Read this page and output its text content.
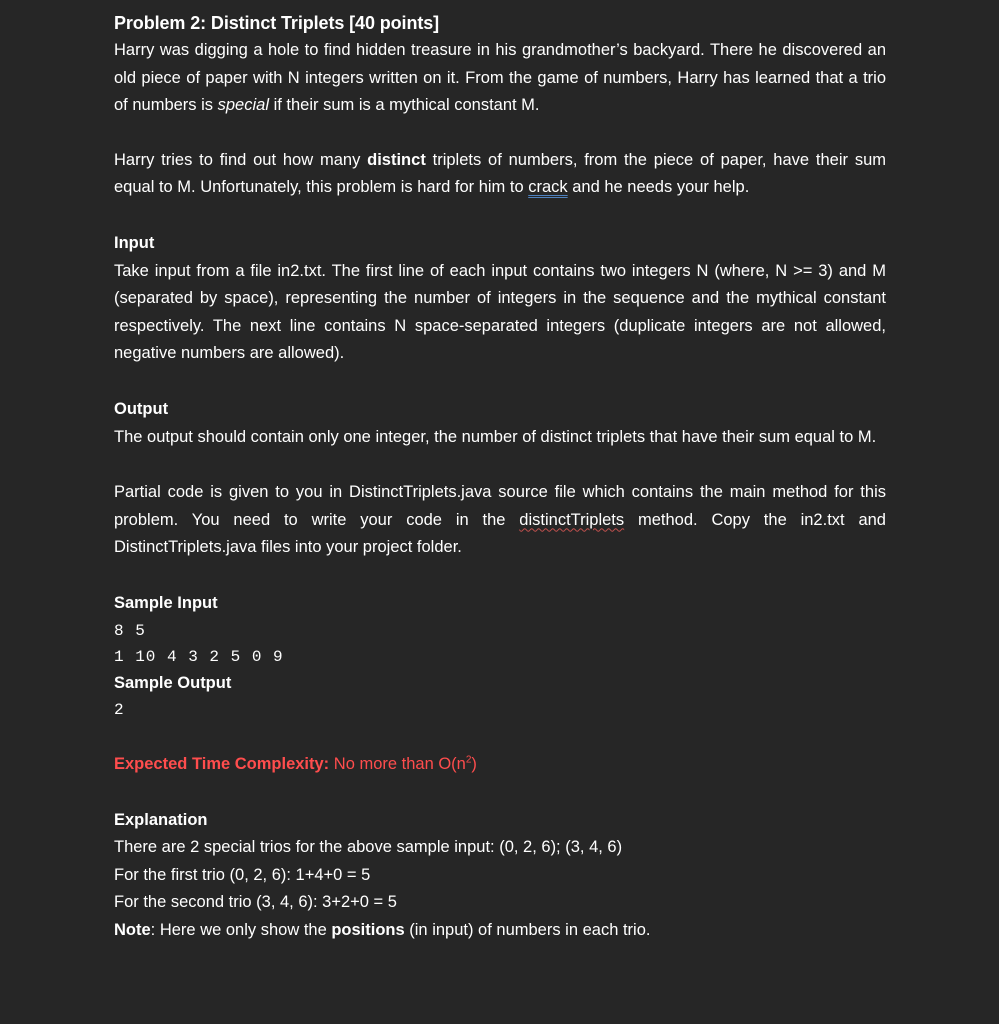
Problem 2: Distinct Triplets [40 points]

Harry was digging a hole to find hidden treasure in his grandmother’s backyard. There he discovered an old piece of paper with N integers written on it. From the game of numbers, Harry has learned that a trio of numbers is special if their sum is a mythical constant M.

Harry tries to find out how many distinct triplets of numbers, from the piece of paper, have their sum equal to M. Unfortunately, this problem is hard for him to crack and he needs your help.

Input

Take input from a file in2.txt. The first line of each input contains two integers N (where, N >= 3) and M (separated by space), representing the number of integers in the sequence and the mythical constant respectively. The next line contains N space-separated integers (duplicate integers are not allowed, negative numbers are allowed).

Output

The output should contain only one integer, the number of distinct triplets that have their sum equal to M.

Partial code is given to you in DistinctTriplets.java source file which contains the main method for this problem. You need to write your code in the distinctTriplets method. Copy the in2.txt and DistinctTriplets.java files into your project folder.

Sample Input

8 5

1 10 4 3 2 5 0 9

Sample Output

2

Expected Time Complexity: No more than $O(n^2)$

Explanation

There are 2 special trios for the above sample input: (0, 2, 6); (3, 4, 6)

For the first trio (0, 2, 6): 1+4+0 = 5

For the second trio (3, 4, 6): 3+2+0 = 5

Note: Here we only show the positions (in input) of numbers in each trio.
